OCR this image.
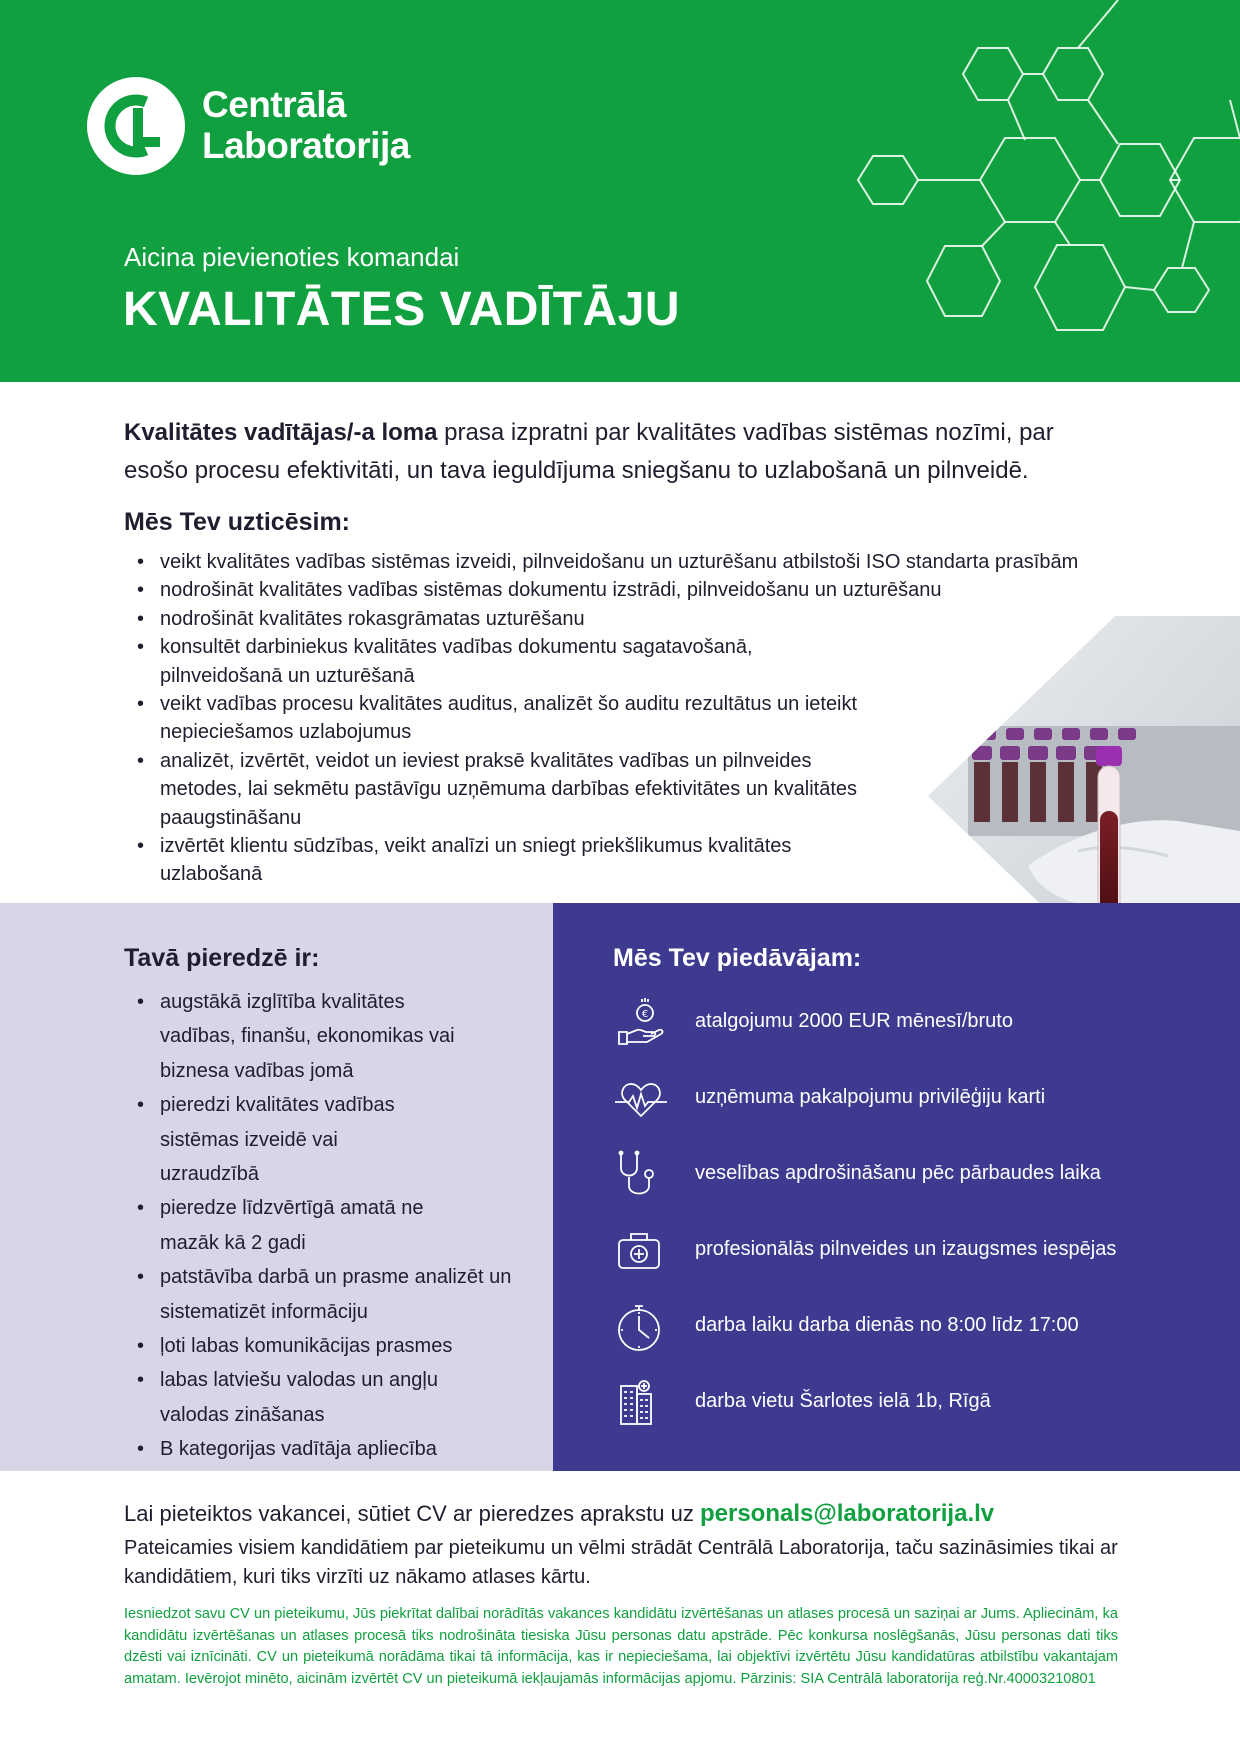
Centrālā
Laboratorija
Aicina pievienoties komandai
KVALITĀTES VADĪTĀJU

Kvalitātes vadītājas/-a loma prasa izpratni par kvalitātes vadības sistēmas nozīmi, par esošo procesu efektivitāti, un tava ieguldījuma sniegšanu to uzlabošanā un pilnveidē.

Mēs Tev uzticēsim:
• veikt kvalitātes vadības sistēmas izveidi, pilnveidošanu un uzturēšanu atbilstoši ISO standarta prasībām
• nodrošināt kvalitātes vadības sistēmas dokumentu izstrādi, pilnveidošanu un uzturēšanu
• nodrošināt kvalitātes rokasgrāmatas uzturēšanu
• konsultēt darbiniekus kvalitātes vadības dokumentu sagatavošanā, pilnveidošanā un uzturēšanā
• veikt vadības procesu kvalitātes auditus, analizēt šo auditu rezultātus un ieteikt nepieciešamos uzlabojumus
• analizēt, izvērtēt, veidot un ieviest praksē kvalitātes vadības un pilnveides metodes, lai sekmētu pastāvīgu uzņēmuma darbības efektivitātes un kvalitātes paaugstināšanu
• izvērtēt klientu sūdzības, veikt analīzi un sniegt priekšlikumus kvalitātes uzlabošanā
Tavā pieredzē ir:
• augstākā izglītība kvalitātes vadības, finanšu, ekonomikas vai biznesa vadības jomā
• pieredzi kvalitātes vadības sistēmas izveidē vai uzraudzībā
• pieredze līdzvērtīgā amatā ne mazāk kā 2 gadi
• patstāvība darbā un prasme analizēt un sistematizēt informāciju
• ļoti labas komunikācijas prasmes
• labas latviešu valodas un angļu valodas zināšanas
• B kategorijas vadītāja apliecība
Mēs Tev piedāvājam:
€ atalgojumu 2000 EUR mēnesī/bruto
uzņēmuma pakalpojumu privilēģiju karti
veselības apdrošināšanu pēc pārbaudes laika
profesionālās pilnveides un izaugsmes iespējas
darba laiku darba dienās no 8:00 līdz 17:00
darba vietu Šarlotes ielā 1b, Rīgā

Lai pieteiktos vakancei, sūtiet CV ar pieredzes aprakstu uz personals@laboratorija.lv

Pateicamies visiem kandidātiem par pieteikumu un vēlmi strādāt Centrālā Laboratorija, taču sazināsimies tikai ar kandidātiem, kuri tiks virzīti uz nākamo atlases kārtu.

Iesniedzot savu CV un pieteikumu, Jūs piekrītat dalībai norādītās vakances kandidātu izvērtēšanas un atlases procesā un saziņai ar Jums. Apliecinām, ka kandidātu izvērtēšanas un atlases procesā tiks nodrošināta tiesiska Jūsu personas datu apstrāde. Pēc konkursa noslēgšanās, Jūsu personas dati tiks dzēsti vai iznīcināti. CV un pieteikumā norādāma tikai tā informācija, kas ir nepieciešama, lai objektīvi izvērtētu Jūsu kandidatūras atbilstību vakantajam amatam. Ievērojot minēto, aicinām izvērtēt CV un pieteikumā iekļaujamās informācijas apjomu. Pārzinis: SIA Centrālā laboratorija reģ.Nr.40003210801
